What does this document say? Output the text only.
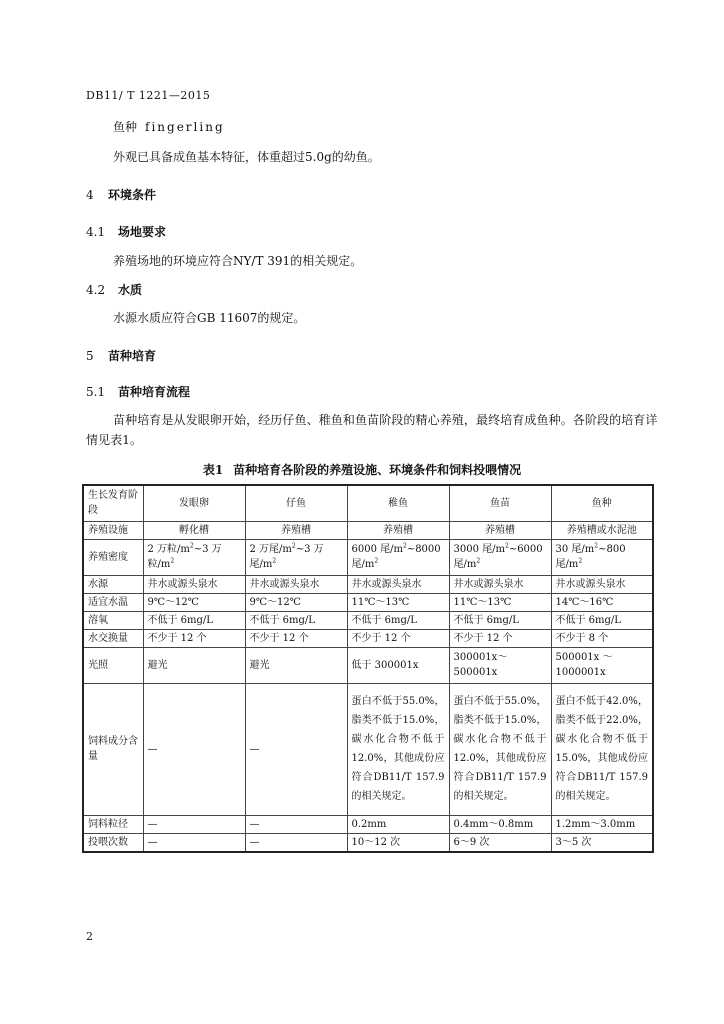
DB11/ T 1221—2015
鱼种 fingerling
外观已具备成鱼基本特征，体重超过5.0g的幼鱼。
4 环境条件
4.1 场地要求
养殖场地的环境应符合NY/T 391的相关规定。
4.2 水质
水源水质应符合GB 11607的规定。
5 苗种培育
5.1 苗种培育流程
苗种培育是从发眼卵开始，经历仔鱼、稚鱼和鱼苗阶段的精心养殖，最终培育成鱼种。各阶段的培育详情见表1。
表1 苗种培育各阶段的养殖设施、环境条件和饲料投喂情况
生长发育阶段	发眼卵	仔鱼	稚鱼	鱼苗	鱼种
养殖设施	孵化槽	养殖槽	养殖槽	养殖槽	养殖槽或水泥池
养殖密度	2 万粒$/m^2\sim 3$ 万粒$/m^2$	2 万尾$/m^2\sim 3$ 万尾$/m^2$	6000 尾$/m^2\sim 8000$ 尾$/m^2$	3000 尾$/m^2\sim 6000$ 尾$/m^2$	30 尾$/m^2\sim 800$ 尾$/m^2$
水源	井水或源头泉水	井水或源头泉水	井水或源头泉水	井水或源头泉水	井水或源头泉水
适宜水温	9℃～12℃	9℃～12℃	11℃～13℃	11℃～13℃	14℃～16℃
溶氧	不低于 6mg/L	不低于 6mg/L	不低于 6mg/L	不低于 6mg/L	不低于 6mg/L
水交换量	不少于 12 个	不少于 12 个	不少于 12 个	不少于 12 个	不少于 8 个
光照	避光	避光	低于 300001x	300001x～500001x	500001x ～ 1000001x
饲料成分含量	—	—	蛋白不低于55.0%，脂类不低于15.0%，碳水化合物不低于12.0%，其他成份应符合DB11/T 157.9的相关规定。	蛋白不低于55.0%，脂类不低于15.0%，碳水化合物不低于12.0%，其他成份应符合DB11/T 157.9的相关规定。	蛋白不低于42.0%，脂类不低于22.0%，碳水化合物不低于15.0%，其他成份应符合DB11/T 157.9的相关规定。
饲料粒径	—	—	0.2mm	0.4mm～0.8mm	1.2mm～3.0mm
投喂次数	—	—	10～12 次	6～9 次	3～5 次
2
